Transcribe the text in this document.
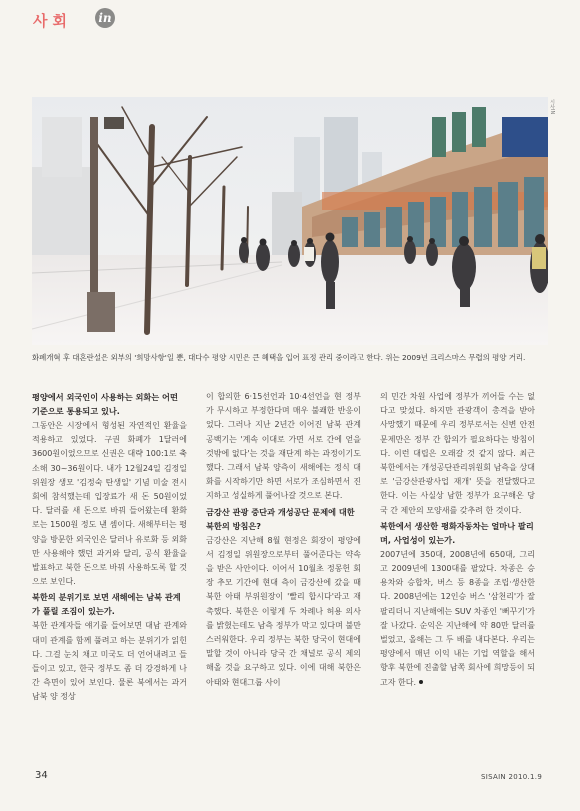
사회 in
시사IN
화폐개혁 후 대혼란설은 외부의 '희망사항'일 뿐, 대다수 평양 시민은 큰 혜택을 입어 표정 관리 중이라고 한다. 위는 2009년 크리스마스 무렵의 평양 거리.
평양에서 외국인이 사용하는 외화는 어떤 기준으로 통용되고 있나.
그동안은 시장에서 형성된 자연적인 환율을 적용하고 있었다. 구권 화폐가 1달러에 3600원이었으므로 신권은 대략 100:1로 축소해 30~36원이다. 내가 12월24일 김정일 위원장 생모 '김정숙 탄생일' 기념 미술 전시회에 참석했는데 입장료가 새 돈 50원이었다. 달러를 새 돈으로 바꿔 들어왔는데 환화로는 1500원 정도 낸 셈이다. 새해부터는 평양을 방문한 외국인은 달러나 유로화 등 외화만 사용해야 했던 과거와 달리, 공식 환율을 발표하고 북한 돈으로 바꿔 사용하도록 할 것으로 보인다.
북한의 분위기로 보면 새해에는 남북 관계가 풀릴 조짐이 있는가.
북한 관계자들 얘기를 들어보면 대남 관계와 대미 관계를 함께 풀려고 하는 분위기가 읽힌다. 그걸 눈치 채고 미국도 더 언어내려고 들들이고 있고, 한국 정부도 좀 더 강경하게 나간 측면이 있어 보인다. 물론 북에서는 과거 남북 양 정상
이 합의한 6·15선언과 10·4선언을 현 정부가 무시하고 부정한다며 매우 불쾌한 반응이었다. 그러나 지난 2년간 이어진 남북 관계 공백기는 '계속 이대로 가면 서로 간에 얻을 것밖에 없다'는 것을 재단계 하는 과정이기도 했다. 그래서 남북 양측이 새해에는 정식 대화를 시작하기만 하면 서로가 조심하면서 진지하고 성실하게 풀어나갈 것으로 본다.
금강산 관광 중단과 개성공단 문제에 대한 북한의 방침은?
금강산은 지난해 8월 현정은 회장이 평양에서 김정일 위원장으로부터 풀어준다는 약속을 받은 사안이다. 이어서 10월초 정몽헌 회장 추모 기간에 현대 측이 금강산에 갔을 때 북한 아태 부위원장이 '빨리 합시다'라고 재촉했다. 북한은 이렇게 두 차례나 허용 의사를 밝혔는데도 남측 정부가 막고 있다며 불만스러워한다. 우리 정부는 북한 당국이 현대에 말할 것이 아니라 당국 간 채널로 공식 제의해올 것을 요구하고 있다. 이에 대해 북한은 아태와 현대그룹 사이
의 민간 차원 사업에 정부가 끼어들 수는 없다고 맞섰다. 하지만 관광객이 총격을 받아 사망했기 때문에 우리 정부로서는 신변 안전 문제만은 정부 간 합의가 필요하다는 방침이다. 이런 대립은 오래갈 것 같지 않다. 최근 북한에서는 개성공단관리위원회 남측을 상대로 '금강산관광사업 재개' 뜻을 전달했다고 한다. 이는 사실상 남한 정부가 요구해온 당국 간 제안의 모양새를 갖추려 한 것이다.
북한에서 생산한 평화자동차는 얼마나 팔리며, 사업성이 있는가.
2007년에 350대, 2008년에 650대, 그리고 2009년에 1300대를 팔았다. 차종은 승용차와 승합차, 버스 등 8종을 조립·생산한다. 2008년에는 12인승 버스 '삼천리'가 잘 팔리더니 지난해에는 SUV 차종인 '뻐꾸기'가 잘 나갔다. 순익은 지난해에 약 80만 달러를 벌었고, 올해는 그 두 배를 내다본다. 우리는 평양에서 매년 이익 내는 기업 역할을 해서 향후 북한에 진출할 남쪽 회사에 희망등이 되고자 한다.
34	SISAIN 2010.1.9
